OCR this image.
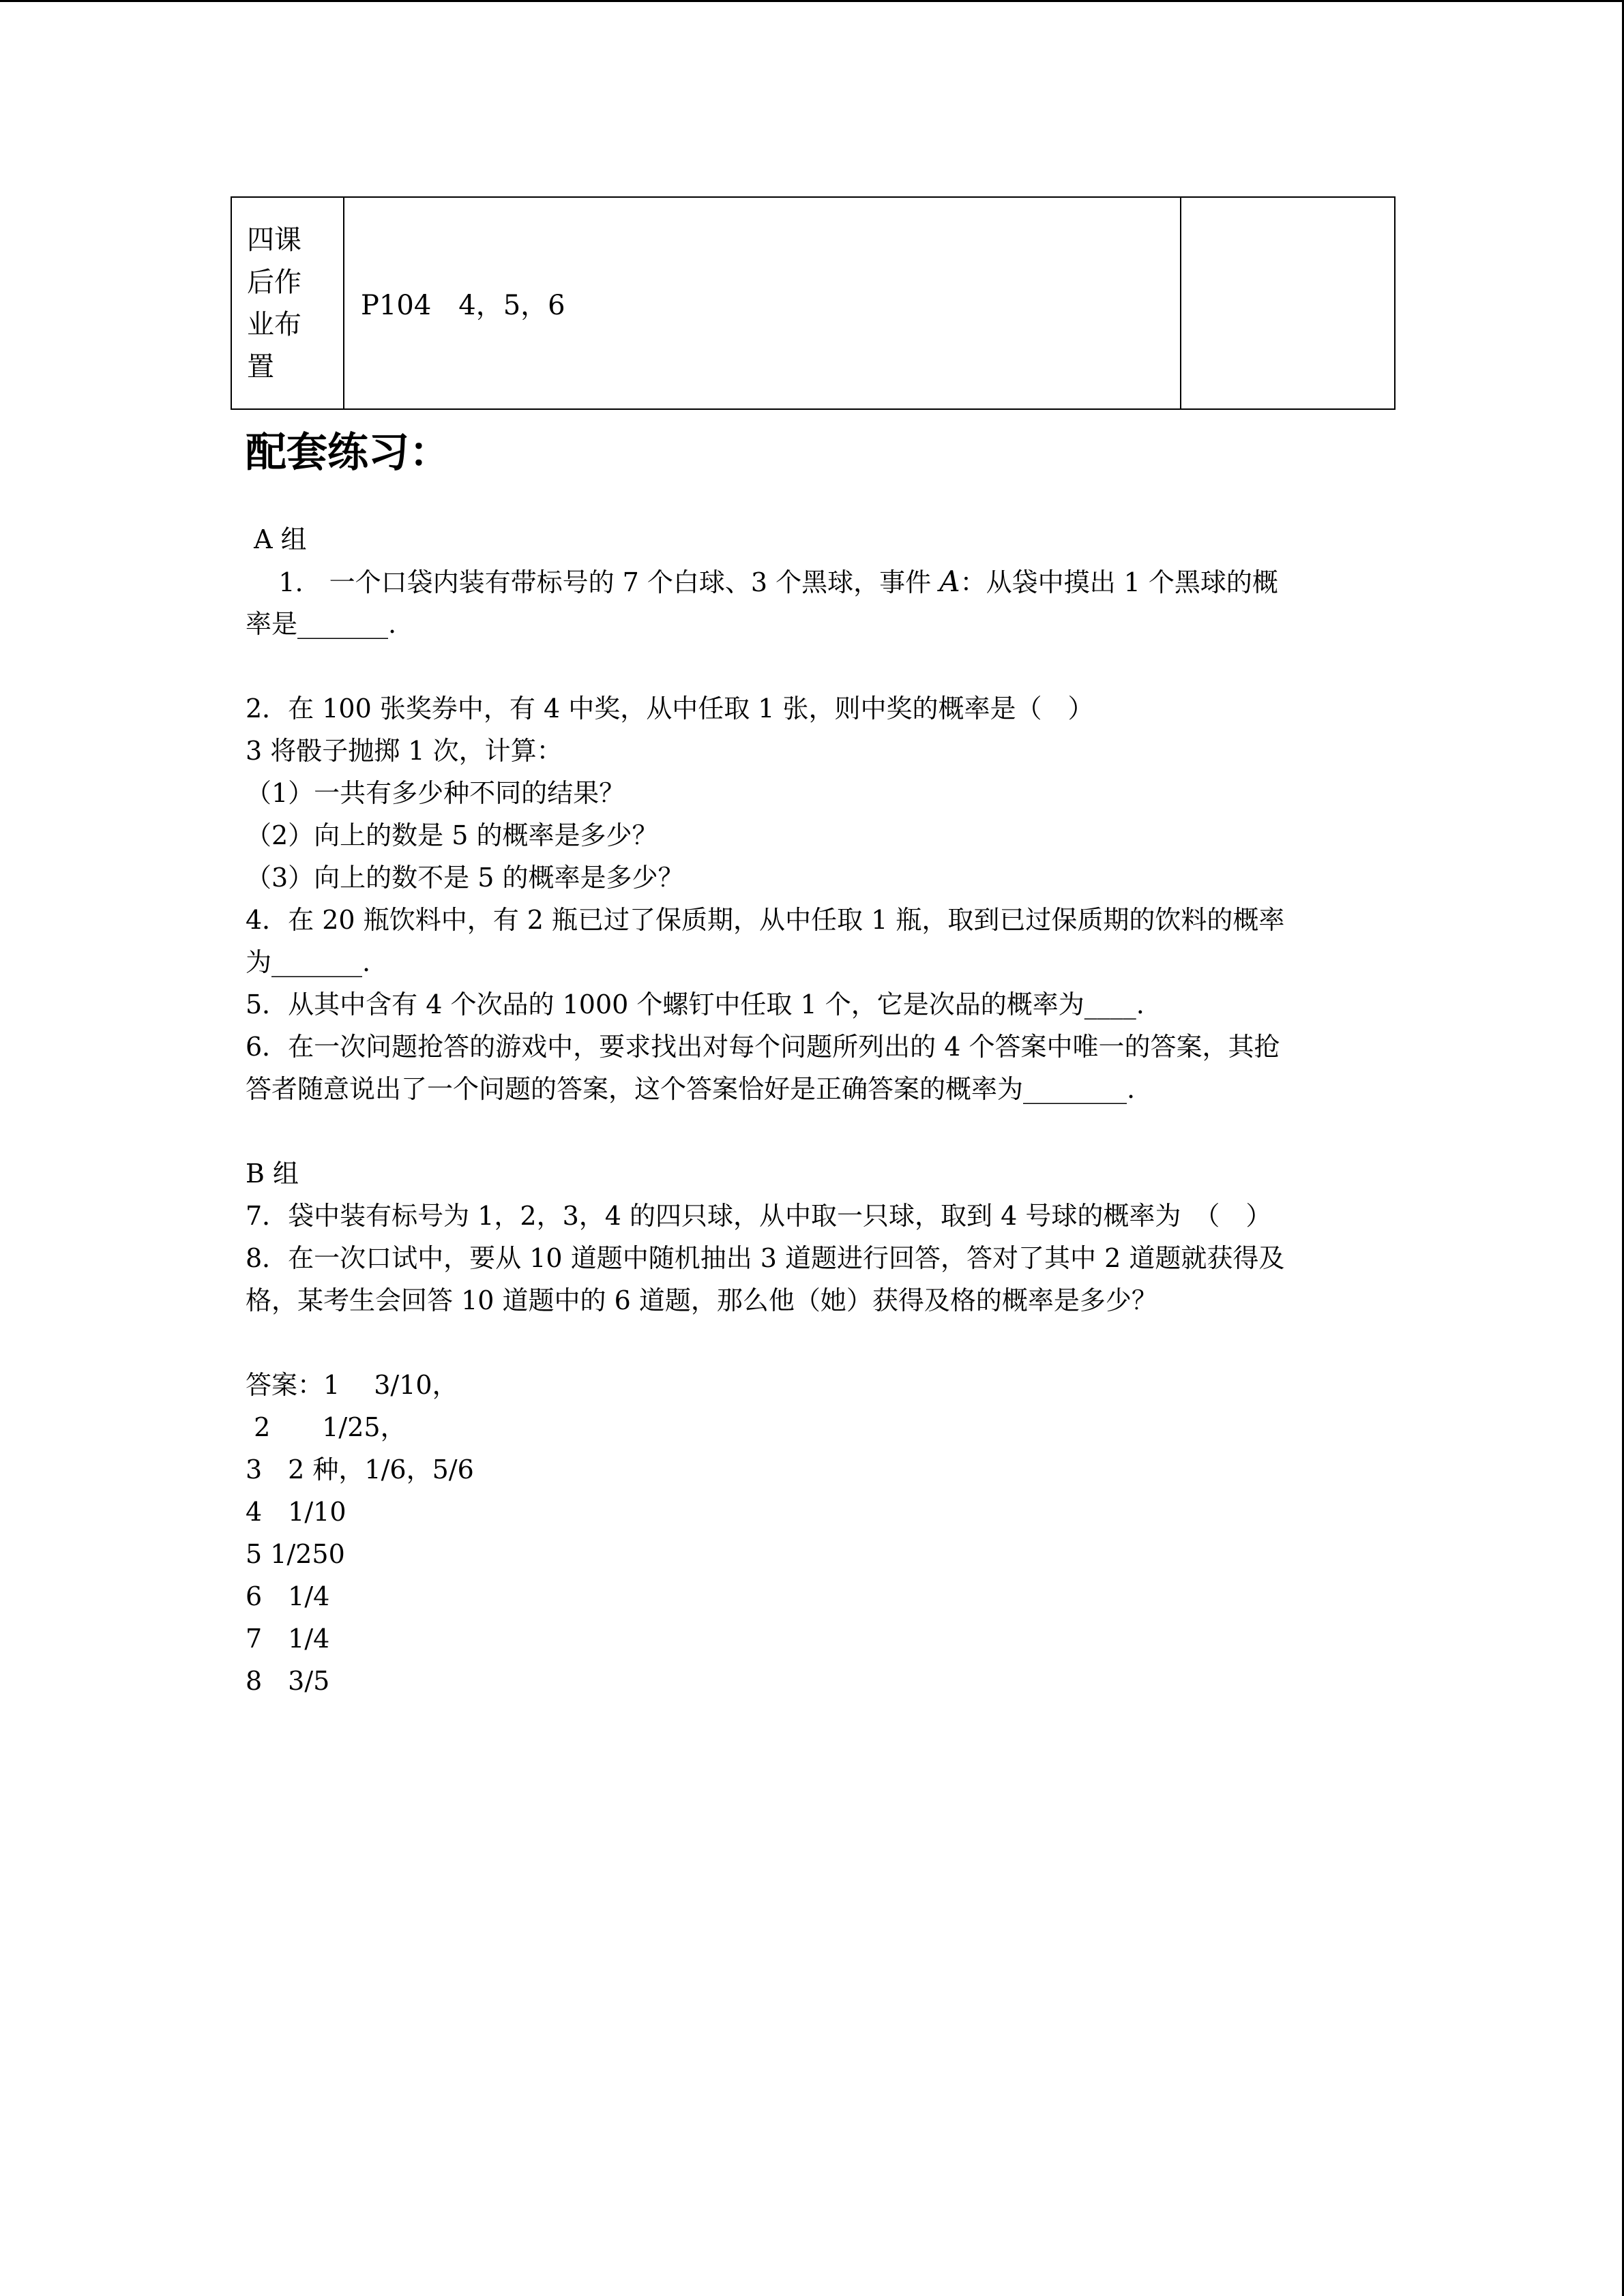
四课
后作
业布
置
	P104　4，5，6	
配套练习：
A 组
1.　一个口袋内装有带标号的 7 个白球、3 个黑球，事件 A：从袋中摸出 1 个黑球的概
率是_______.
2．在 100 张奖券中，有 4 中奖，从中任取 1 张，则中奖的概率是（　）
3 将骰子抛掷 1 次，计算：
（1）一共有多少种不同的结果？
（2）向上的数是 5 的概率是多少？
（3）向上的数不是 5 的概率是多少？
4．在 20 瓶饮料中，有 2 瓶已过了保质期，从中任取 1 瓶，取到已过保质期的饮料的概率
为_______.
5．从其中含有 4 个次品的 1000 个螺钉中任取 1 个，它是次品的概率为____.
6．在一次问题抢答的游戏中，要求找出对每个问题所列出的 4 个答案中唯一的答案，其抢
答者随意说出了一个问题的答案，这个答案恰好是正确答案的概率为________.
B 组
7．袋中装有标号为 1，2，3，4 的四只球，从中取一只球，取到 4 号球的概率为　（　）
8．在一次口试中，要从 10 道题中随机抽出 3 道题进行回答，答对了其中 2 道题就获得及
格，某考生会回答 10 道题中的 6 道题，那么他（她）获得及格的概率是多少？
答案：1　 3/10，
2　　1/25，
3　2 种，1/6，5/6
4　1/10
5 1/250
6　1/4
7　1/4
8　3/5
